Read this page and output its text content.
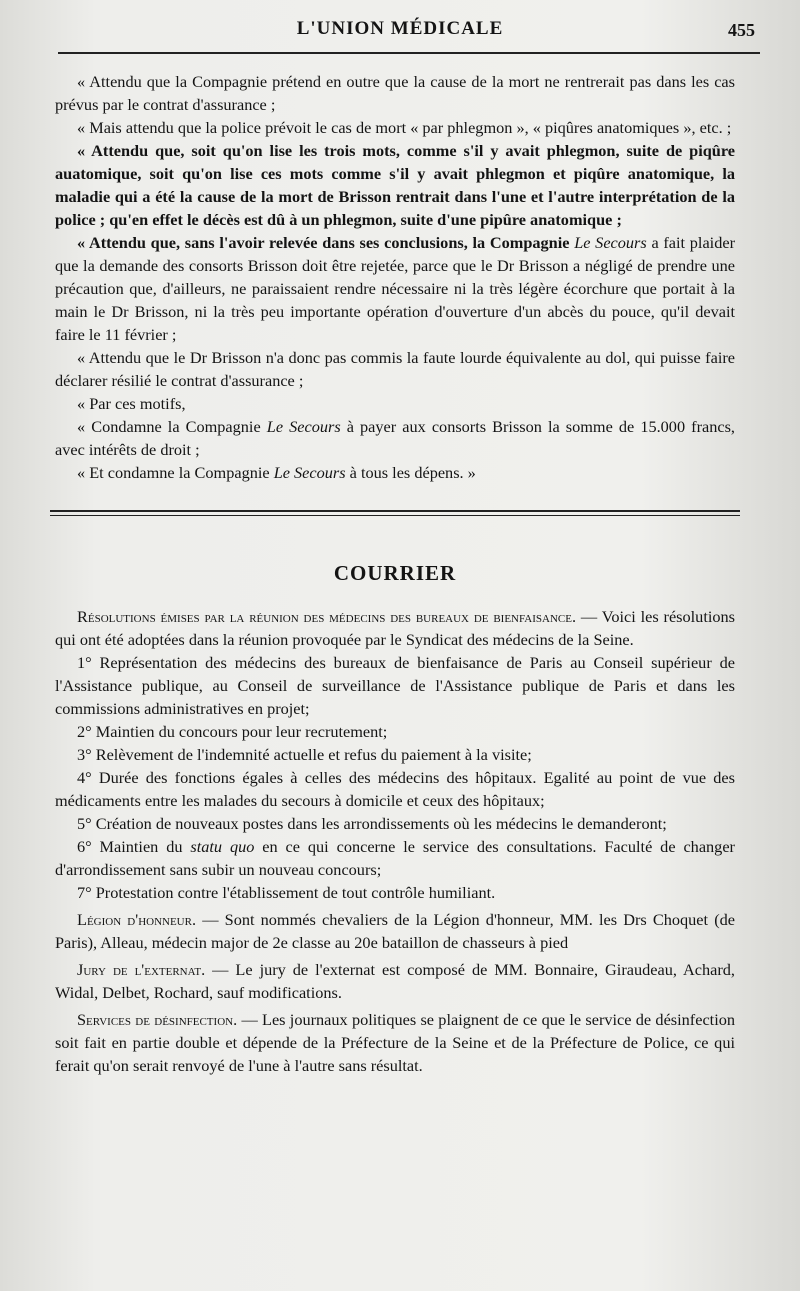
L'UNION MÉDICALE	455

« Attendu que la Compagnie prétend en outre que la cause de la mort ne rentrerait pas dans les cas prévus par le contrat d'assurance ;

« Mais attendu que la police prévoit le cas de mort « par phlegmon », « piqûres anatomiques », etc. ;

« Attendu que, soit qu'on lise les trois mots, comme s'il y avait phlegmon, suite de piqûre auatomique, soit qu'on lise ces mots comme s'il y avait phlegmon et piqûre anatomique, la maladie qui a été la cause de la mort de Brisson rentrait dans l'une et l'autre interprétation de la police ; qu'en effet le décès est dû à un phlegmon, suite d'une pipûre anatomique ;

« Attendu que, sans l'avoir relevée dans ses conclusions, la Compagnie Le Secours a fait plaider que la demande des consorts Brisson doit être rejetée, parce que le Dr Brisson a négligé de prendre une précaution que, d'ailleurs, ne paraissaient rendre nécessaire ni la très légère écorchure que portait à la main le Dr Brisson, ni la très peu importante opération d'ouverture d'un abcès du pouce, qu'il devait faire le 11 février ;

« Attendu que le Dr Brisson n'a donc pas commis la faute lourde équivalente au dol, qui puisse faire déclarer résilié le contrat d'assurance ;

« Par ces motifs,

« Condamne la Compagnie Le Secours à payer aux consorts Brisson la somme de 15.000 francs, avec intérêts de droit ;

« Et condamne la Compagnie Le Secours à tous les dépens. »

COURRIER

Résolutions émises par la réunion des médecins des bureaux de bienfaisance. — Voici les résolutions qui ont été adoptées dans la réunion provoquée par le Syndicat des médecins de la Seine.

1° Représentation des médecins des bureaux de bienfaisance de Paris au Conseil supérieur de l'Assistance publique, au Conseil de surveillance de l'Assistance publique de Paris et dans les commissions administratives en projet;

2° Maintien du concours pour leur recrutement;

3° Relèvement de l'indemnité actuelle et refus du paiement à la visite;

4° Durée des fonctions égales à celles des médecins des hôpitaux. Egalité au point de vue des médicaments entre les malades du secours à domicile et ceux des hôpitaux;

5° Création de nouveaux postes dans les arrondissements où les médecins le demanderont;

6° Maintien du statu quo en ce qui concerne le service des consultations. Faculté de changer d'arrondissement sans subir un nouveau concours;

7° Protestation contre l'établissement de tout contrôle humiliant.

Légion d'honneur. — Sont nommés chevaliers de la Légion d'honneur, MM. les Drs Choquet (de Paris), Alleau, médecin major de 2e classe au 20e bataillon de chasseurs à pied

Jury de l'externat. — Le jury de l'externat est composé de MM. Bonnaire, Giraudeau, Achard, Widal, Delbet, Rochard, sauf modifications.

Services de désinfection. — Les journaux politiques se plaignent de ce que le service de désinfection soit fait en partie double et dépende de la Préfecture de la Seine et de la Préfecture de Police, ce qui ferait qu'on serait renvoyé de l'une à l'autre sans résultat.
